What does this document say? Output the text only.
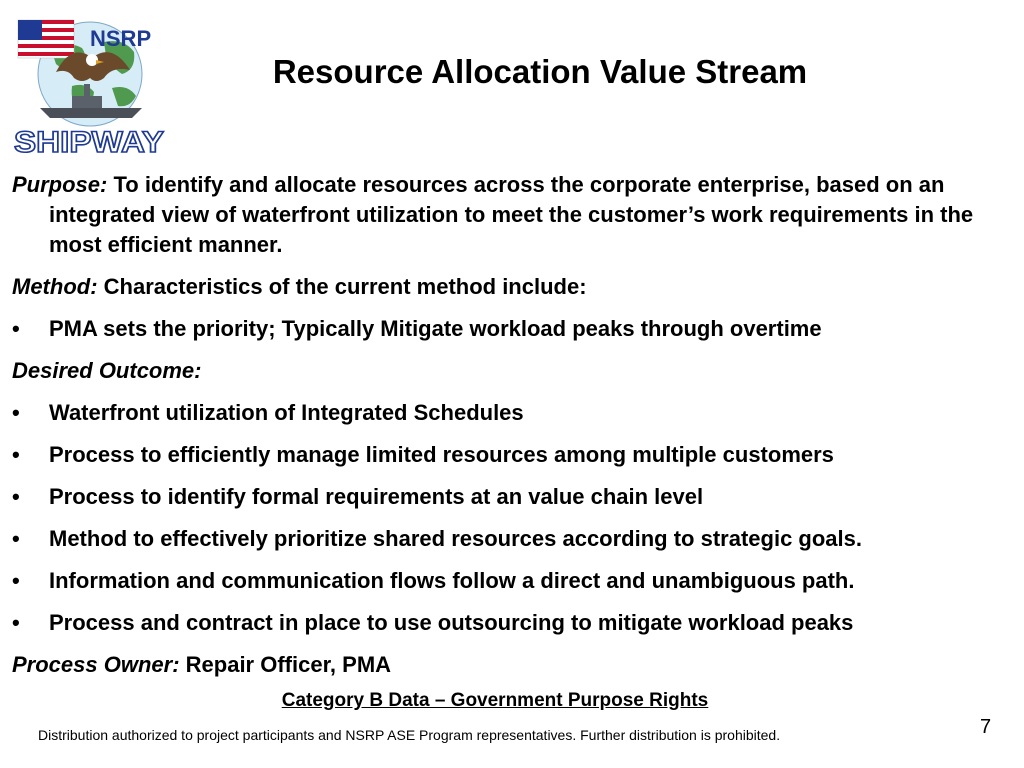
NSRP
SHIPWAY
Resource Allocation Value Stream

Purpose: To identify and allocate resources across the corporate enterprise, based on an integrated view of waterfront utilization to meet the customer’s work requirements in the most efficient manner.

Method: Characteristics of the current method include:

•	PMA sets the priority; Typically Mitigate workload peaks through overtime

Desired Outcome:

•	Waterfront utilization of Integrated Schedules
•	Process to efficiently manage limited resources among multiple customers
•	Process to identify formal requirements at an value chain level
•	Method to effectively prioritize shared resources according to strategic goals.
•	Information and communication flows follow a direct and unambiguous path.
•	Process and contract in place to use outsourcing to mitigate workload peaks

Process Owner: Repair Officer, PMA

Category B Data – Government Purpose Rights
Distribution authorized to project participants and NSRP ASE Program representatives. Further distribution is prohibited.	7
